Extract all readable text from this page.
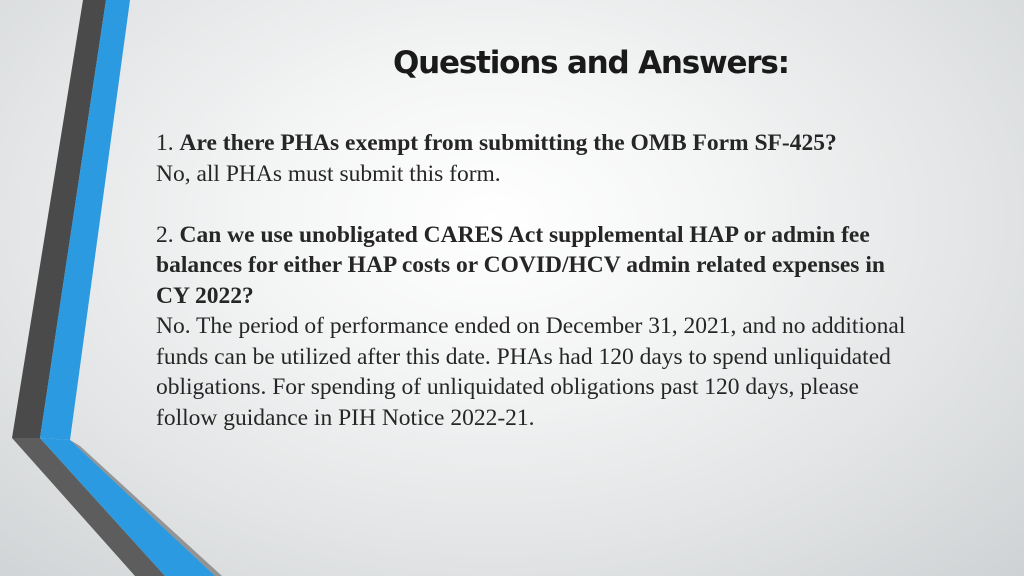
Questions and Answers:
1. Are there PHAs exempt from submitting the OMB Form SF-425?
No, all PHAs must submit this form.
2. Can we use unobligated CARES Act supplemental HAP or admin fee balances for either HAP costs or COVID/HCV admin related expenses in CY 2022?
No. The period of performance ended on December 31, 2021, and no additional funds can be utilized after this date. PHAs had 120 days to spend unliquidated obligations. For spending of unliquidated obligations past 120 days, please follow guidance in PIH Notice 2022-21.
